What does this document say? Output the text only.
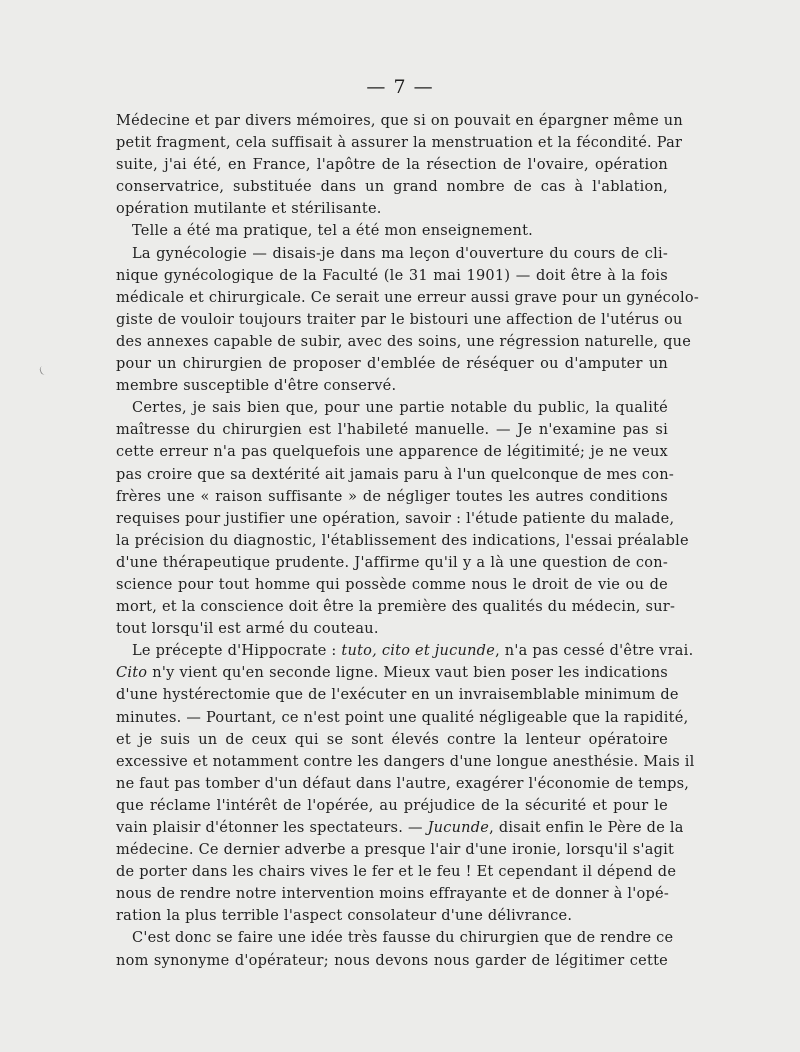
— 7 —
Médecine et par divers mémoires, que si on pouvait en épargner même un
petit fragment, cela suffisait à assurer la menstruation et la fécondité. Par
suite, j'ai été, en France, l'apôtre de la résection de l'ovaire, opération
conservatrice, substituée dans un grand nombre de cas à l'ablation,
opération mutilante et stérilisante.
Telle a été ma pratique, tel a été mon enseignement.
La gynécologie — disais-je dans ma leçon d'ouverture du cours de cli-
nique gynécologique de la Faculté (le 31 mai 1901) — doit être à la fois
médicale et chirurgicale. Ce serait une erreur aussi grave pour un gynécolo-
giste de vouloir toujours traiter par le bistouri une affection de l'utérus ou
des annexes capable de subir, avec des soins, une régression naturelle, que
pour un chirurgien de proposer d'emblée de réséquer ou d'amputer un
membre susceptible d'être conservé.
Certes, je sais bien que, pour une partie notable du public, la qualité
maîtresse du chirurgien est l'habileté manuelle. — Je n'examine pas si
cette erreur n'a pas quelquefois une apparence de légitimité; je ne veux
pas croire que sa dextérité ait jamais paru à l'un quelconque de mes con-
frères une « raison suffisante » de négliger toutes les autres conditions
requises pour justifier une opération, savoir : l'étude patiente du malade,
la précision du diagnostic, l'établissement des indications, l'essai préalable
d'une thérapeutique prudente. J'affirme qu'il y a là une question de con-
science pour tout homme qui possède comme nous le droit de vie ou de
mort, et la conscience doit être la première des qualités du médecin, sur-
tout lorsqu'il est armé du couteau.
Le précepte d'Hippocrate : tuto, cito et jucunde, n'a pas cessé d'être vrai.
Cito n'y vient qu'en seconde ligne. Mieux vaut bien poser les indications
d'une hystérectomie que de l'exécuter en un invraisemblable minimum de
minutes. — Pourtant, ce n'est point une qualité négligeable que la rapidité,
et je suis un de ceux qui se sont élevés contre la lenteur opératoire
excessive et notamment contre les dangers d'une longue anesthésie. Mais il
ne faut pas tomber d'un défaut dans l'autre, exagérer l'économie de temps,
que réclame l'intérêt de l'opérée, au préjudice de la sécurité et pour le
vain plaisir d'étonner les spectateurs. — Jucunde, disait enfin le Père de la
médecine. Ce dernier adverbe a presque l'air d'une ironie, lorsqu'il s'agit
de porter dans les chairs vives le fer et le feu ! Et cependant il dépend de
nous de rendre notre intervention moins effrayante et de donner à l'opé-
ration la plus terrible l'aspect consolateur d'une délivrance.
C'est donc se faire une idée très fausse du chirurgien que de rendre ce
nom synonyme d'opérateur; nous devons nous garder de légitimer cette
